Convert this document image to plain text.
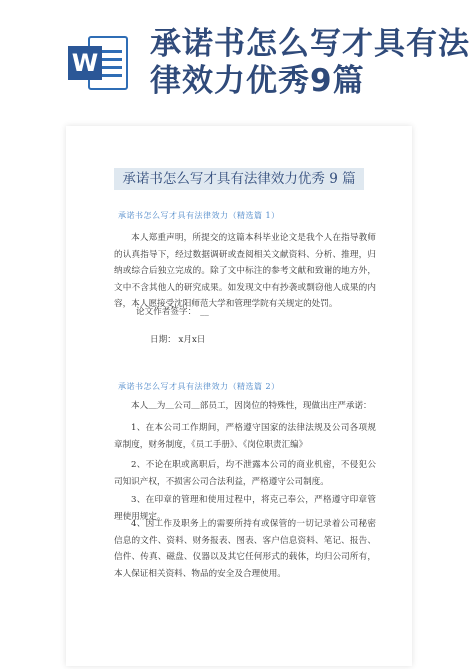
W
承诺书怎么写才具有法律效力优秀9篇
承诺书怎么写才具有法律效力优秀 9 篇
承诺书怎么写才具有法律效力（精选篇 1）
本人郑重声明，所提交的这篇本科毕业论文是我个人在指导教师的认真指导下，经过数据调研或查阅相关文献资料、分析、推理，归纳或综合后独立完成的。除了文中标注的参考文献和致谢的地方外，文中不含其他人的研究成果。如发现文中有抄袭或剽窃他人成果的内容，本人愿接受沈阳师范大学和管理学院有关规定的处罚。
论文作者签字： __
日期： x月x日
承诺书怎么写才具有法律效力（精选篇 2）
本人＿为＿公司＿部员工，因岗位的特殊性，现做出庄严承诺：
1、在本公司工作期间，严格遵守国家的法律法规及公司各项规章制度，财务制度，《员工手册》、《岗位职责汇编》
2、不论在职或离职后，均不泄露本公司的商业机密，不侵犯公司知识产权，不损害公司合法利益，严格遵守公司制度。
3、在印章的管理和使用过程中，将克己奉公，严格遵守印章管理使用规定。
4、因工作及职务上的需要所持有或保管的一切记录着公司秘密信息的文件、资料、财务报表、图表、客户信息资料、笔记、报告、信件、传真、磁盘、仪器以及其它任何形式的载体，均归公司所有，本人保证相关资料、物品的安全及合理使用。
